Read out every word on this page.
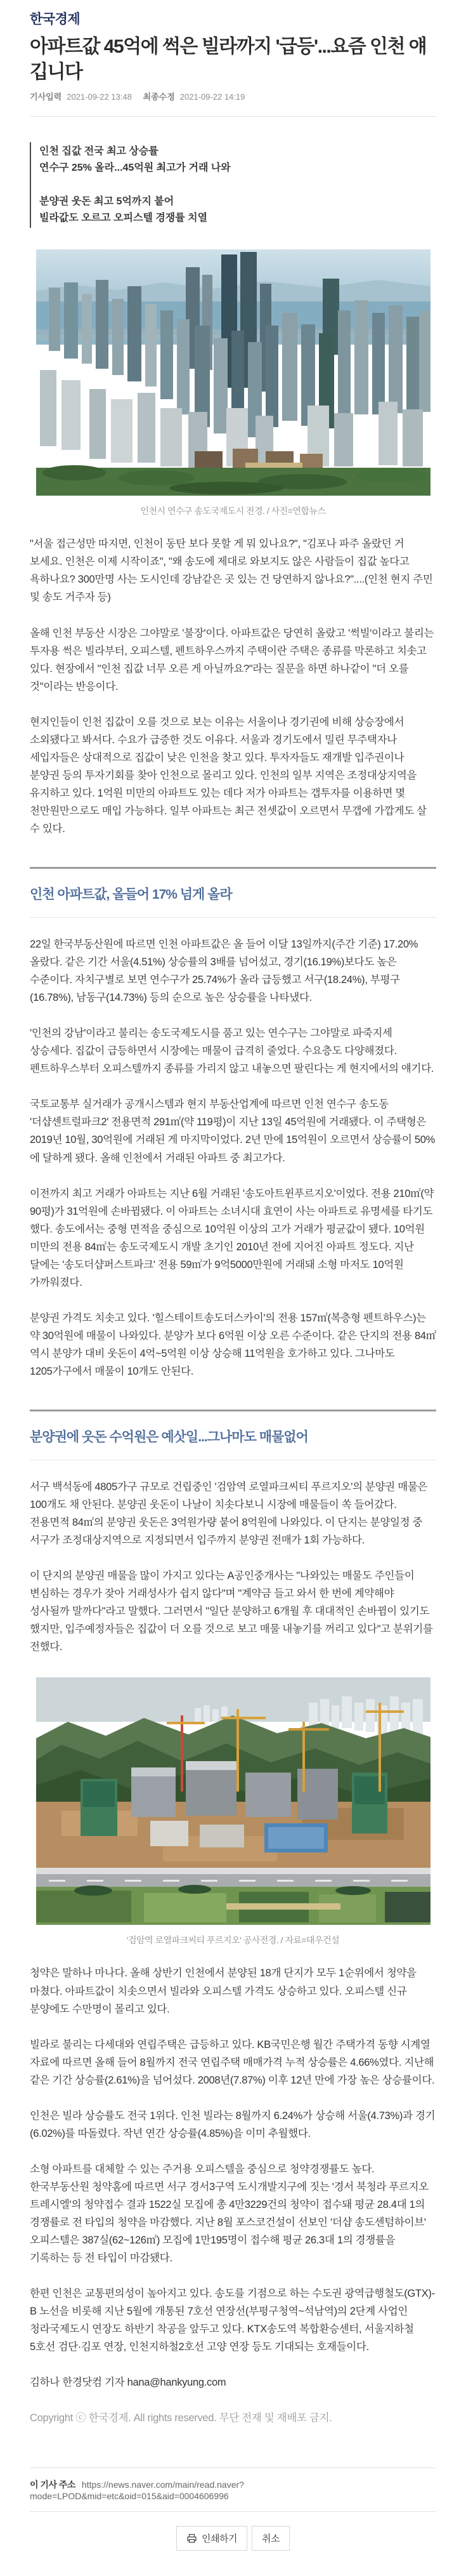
한국경제
아파트값 45억에 썩은 빌라까지 '급등'...요즘 인천 얘깁니다
기사입력 2021-09-22 13:48 최종수정 2021-09-22 14:19
인천 집값 전국 최고 상승률
연수구 25% 올라...45억원 최고가 거래 나와
분양권 웃돈 최고 5억까지 붙어
빌라값도 오르고 오피스텔 경쟁률 치열
인천시 연수구 송도국제도시 전경. / 사진=연합뉴스

"서울 접근성만 따지면, 인천이 동탄 보다 못할 게 뭐 있나요?", "김포나 파주 올랐던 거 보세요. 인천은 이제 시작이죠", "왜 송도에 제대로 와보지도 않은 사람들이 집값 높다고 욕하나요? 300만명 사는 도시인데 강남같은 곳 있는 건 당연하지 않나요?"....(인천 현지 주민 및 송도 거주자 등)

올해 인천 부동산 시장은 그야말로 '불장'이다. 아파트값은 당연히 올랐고 '썩빌'이라고 불리는 투자용 썩은 빌라부터, 오피스텔, 펜트하우스까지 주택이란 주택은 종류를 막론하고 치솟고 있다. 현장에서 "인천 집값 너무 오른 게 아닐까요?"라는 질문을 하면 하나같이 "더 오를 것"이라는 반응이다.

현지인들이 인천 집값이 오를 것으로 보는 이유는 서울이나 경기권에 비해 상승장에서 소외됐다고 봐서다. 수요가 급증한 것도 이유다. 서울과 경기도에서 밀린 무주택자나 세입자들은 상대적으로 집값이 낮은 인천을 찾고 있다. 투자자들도 재개발 입주권이나 분양권 등의 투자기회를 찾아 인천으로 몰리고 있다. 인천의 일부 지역은 조정대상지역을 유지하고 있다. 1억원 미만의 아파트도 있는 데다 저가 아파트는 갭투자를 이용하면 몇 천만원만으로도 매입 가능하다. 일부 아파트는 최근 전셋값이 오르면서 무갭에 가깝게도 살 수 있다.

인천 아파트값, 올들어 17% 넘게 올라

22일 한국부동산원에 따르면 인천 아파트값은 올 들어 이달 13일까지(주간 기준) 17.20% 올랐다. 같은 기간 서울(4.51%) 상승률의 3배를 넘어섰고, 경기(16.19%)보다도 높은 수준이다. 자치구별로 보면 연수구가 25.74%가 올라 급등했고 서구(18.24%), 부평구(16.78%), 남동구(14.73%) 등의 순으로 높은 상승률을 나타냈다.

'인천의 강남'이라고 불리는 송도국제도시를 품고 있는 연수구는 그야말로 파죽지세 상승세다. 집값이 급등하면서 시장에는 매물이 급격히 줄었다. 수요층도 다양해졌다. 펜트하우스부터 오피스텔까지 종류를 가리지 않고 내놓으면 팔린다는 게 현지에서의 얘기다.

국토교통부 실거래가 공개시스템과 현지 부동산업계에 따르면 인천 연수구 송도동 '더샵센트럴파크2' 전용면적 291㎡(약 119평)이 지난 13일 45억원에 거래됐다. 이 주택형은 2019년 10월, 30억원에 거래된 게 마지막이었다. 2년 만에 15억원이 오르면서 상승률이 50%에 달하게 됐다. 올해 인천에서 거래된 아파트 중 최고가다.

이전까지 최고 거래가 아파트는 지난 6월 거래된 '송도아트윈푸르지오'이었다. 전용 210㎡(약 90평)가 31억원에 손바뀜됐다. 이 아파트는 소녀시대 효연이 사는 아파트로 유명세를 타기도 했다. 송도에서는 중형 면적을 중심으로 10억원 이상의 고가 거래가 평균값이 됐다. 10억원 미만의 전용 84㎡는 송도국제도시 개발 초기인 2010년 전에 지어진 아파트 정도다. 지난 달에는 '송도더샵퍼스트파크' 전용 59㎡가 9억5000만원에 거래돼 소형 마저도 10억원 가까워졌다.

분양권 가격도 치솟고 있다. '힐스테이트송도더스카이'의 전용 157㎡(복층형 펜트하우스)는 약 30억원에 매물이 나와있다. 분양가 보다 6억원 이상 오른 수준이다. 같은 단지의 전용 84㎡ 역시 분양가 대비 웃돈이 4억~5억원 이상 상승해 11억원을 호가하고 있다. 그나마도 1205가구에서 매물이 10개도 안된다.

분양권에 웃돈 수억원은 예삿일...그나마도 매물없어

서구 백석동에 4805가구 규모로 건립중인 '검암역 로열파크씨티 푸르지오'의 분양권 매물은 100개도 채 안된다. 분양권 웃돈이 나날이 치솟다보니 시장에 매물들이 쏙 들어갔다. 전용면적 84㎡의 분양권 웃돈은 3억원가량 붙어 8억원에 나와있다. 이 단지는 분양일정 중 서구가 조정대상지역으로 지정되면서 입주까지 분양권 전매가 1회 가능하다.

이 단지의 분양권 매물을 많이 가지고 있다는 A공인중개사는 "나와있는 매물도 주인들이 변심하는 경우가 잦아 거래성사가 쉽지 않다"며 "계약금 들고 와서 한 번에 계약해야 성사될까 말까다"라고 말했다. 그러면서 "일단 분양하고 6개월 후 대대적인 손바뀜이 있기도 했지만, 입주예정자들은 집값이 더 오를 것으로 보고 매물 내놓기를 꺼리고 있다"고 분위기를 전했다.

'검암역 로열파크씨티 푸르지오' 공사전경. / 자료=대우건설

청약은 말하나 마나다. 올해 상반기 인천에서 분양된 18개 단지가 모두 1순위에서 청약을 마쳤다. 아파트값이 치솟으면서 빌라와 오피스텔 가격도 상승하고 있다. 오피스텔 신규 분양에도 수만명이 몰리고 있다.

빌라로 불리는 다세대와 연립주택은 급등하고 있다. KB국민은행 월간 주택가격 동향 시계열 자료에 따르면 올해 들어 8월까지 전국 연립주택 매매가격 누적 상승률은 4.66%였다. 지난해 같은 기간 상승률(2.61%)을 넘어섰다. 2008년(7.87%) 이후 12년 만에 가장 높은 상승률이다.

인천은 빌라 상승률도 전국 1위다. 인천 빌라는 8월까지 6.24%가 상승해 서울(4.73%)과 경기(6.02%)를 따돌렸다. 작년 연간 상승률(4.85%)을 이미 추월했다.

소형 아파트를 대체할 수 있는 주거용 오피스텔을 중심으로 청약경쟁률도 높다. 한국부동산원 청약홈에 따르면 서구 경서3구역 도시개발지구에 짓는 '경서 북청라 푸르지오 트레시엘'의 청약접수 결과 1522실 모집에 총 4만3229건의 청약이 접수돼 평균 28.4대 1의 경쟁률로 전 타입의 청약을 마감했다. 지난 8월 포스코건설이 선보인 '더샵 송도센텀하이브' 오피스텔은 387실(62~126㎡) 모집에 1만195명이 접수해 평균 26.3대 1의 경쟁률을 기록하는 등 전 타입이 마감됐다.

한편 인천은 교통편의성이 높아지고 있다. 송도를 기점으로 하는 수도권 광역급행철도(GTX)-B 노선을 비롯해 지난 5월에 개통된 7호선 연장선(부평구청역~석남역)의 2단계 사업인 청라국제도시 연장도 하반기 착공을 앞두고 있다. KTX송도역 복합환승센터, 서울지하철 5호선 검단·김포 연장, 인천지하철2호선 고양 연장 등도 기대되는 호재들이다.

김하나 한경닷컴 기자 hana@hankyung.com

Copyright ⓒ 한국경제. All rights reserved. 무단 전재 및 재배포 금지.

이 기사 주소 https://news.naver.com/main/read.naver?mode=LPOD&mid=etc&oid=015&aid=0004606996
인쇄하기	취소
